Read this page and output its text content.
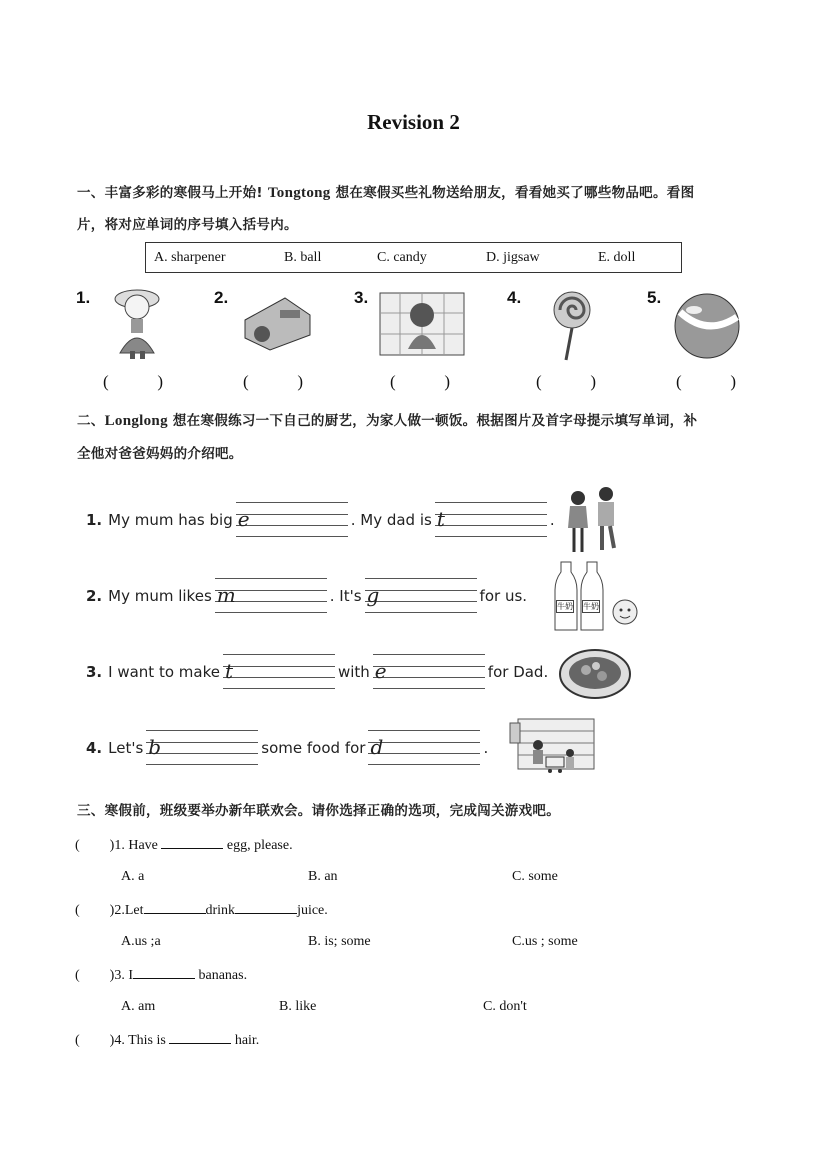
Revision 2
一、丰富多彩的寒假马上开始! Tongtong 想在寒假买些礼物送给朋友，看看她买了哪些物品吧。看图
片，将对应单词的序号填入括号内。
A. sharpener	B. ball	C. candy	D. jigsaw	E. doll
1.	2.	3.	4.	5.
(	)	(	)	(	)	(	)	(	)
二、Longlong 想在寒假练习一下自己的厨艺，为家人做一顿饭。根据图片及首字母提示填写单词，补
全他对爸爸妈妈的介绍吧。
1. My mum has big e	. My dad is t	.
2. My mum likes m	. It's g	for us.
3. I want to make t	with e	for Dad.
4. Let's b	some food for d	.
牛奶 牛奶
三、寒假前，班级要举办新年联欢会。请你选择正确的选项，完成闯关游戏吧。
( )1. Have	egg, please.
A. a	B. an	C. some
( )2.Let	drink	juice.
A.us ;a	B. is; some	C.us ; some
( )3. I	bananas.
A. am	B. like	C. don't
( )4. This is	hair.
